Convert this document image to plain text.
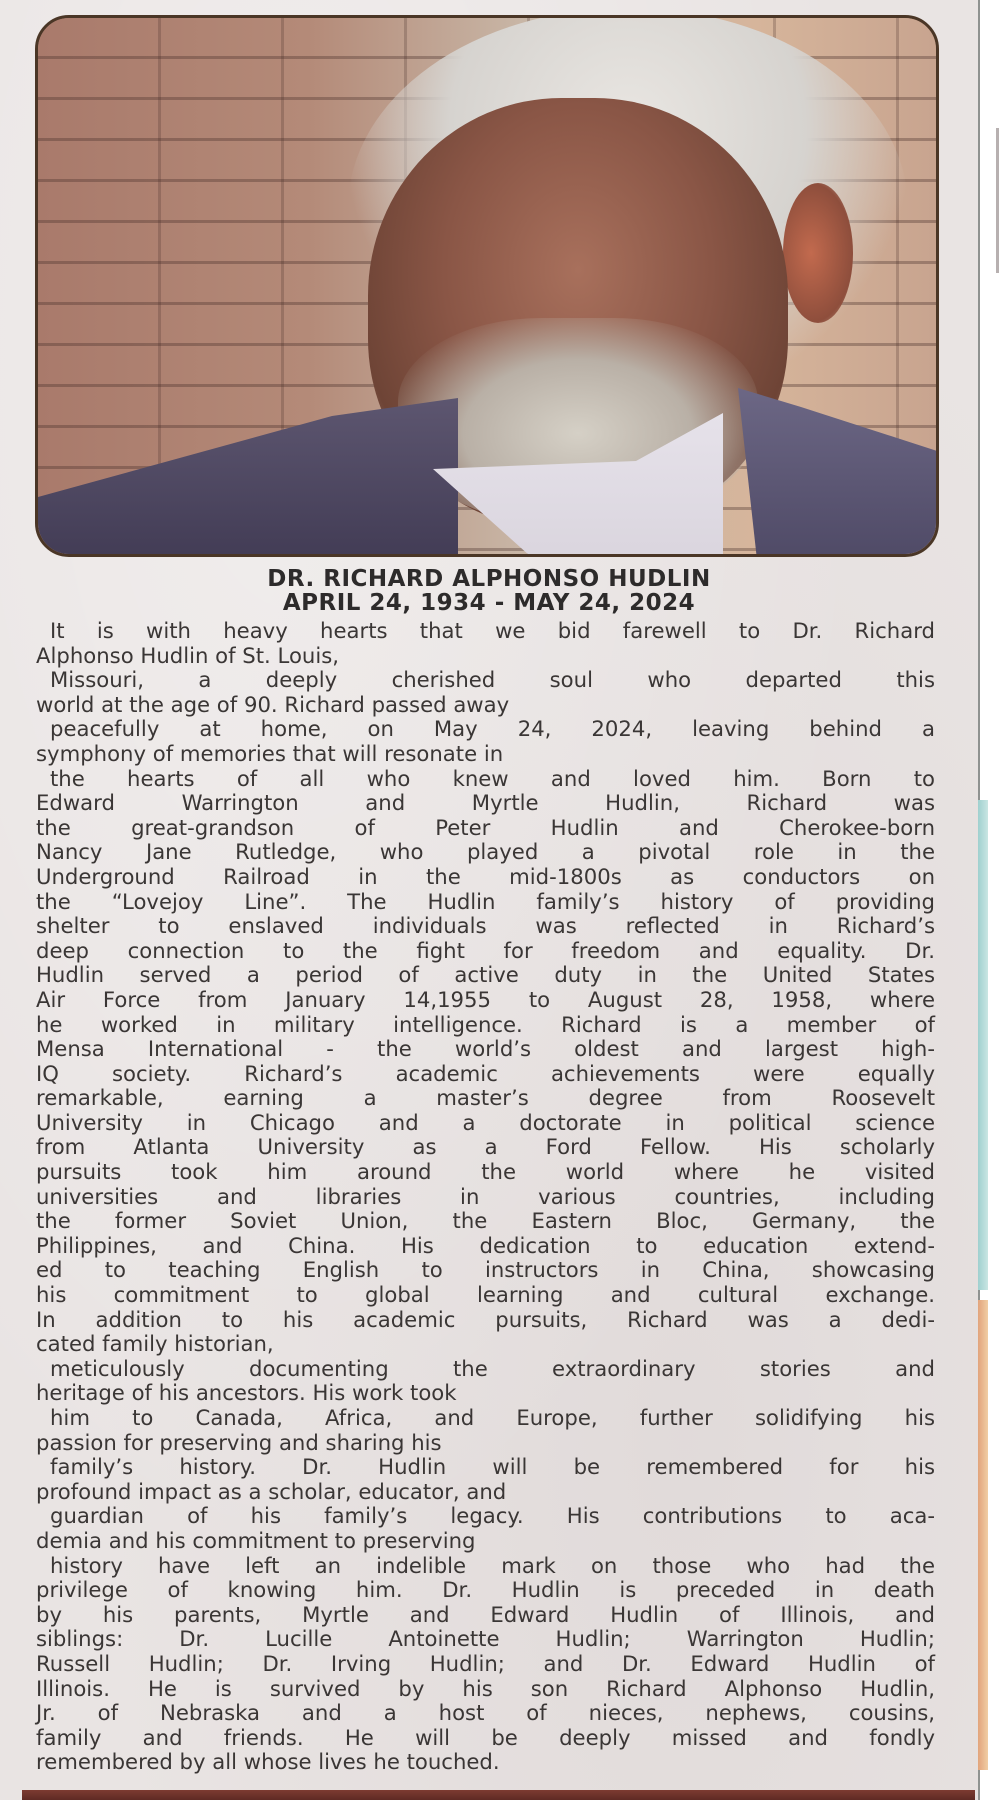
DR. RICHARD ALPHONSO HUDLIN
APRIL 24, 1934 - MAY 24, 2024
It is with heavy hearts that we bid farewell to Dr. Richard
Alphonso Hudlin of St. Louis,
Missouri, a deeply cherished soul who departed this
world at the age of 90. Richard passed away
peacefully at home, on May 24, 2024, leaving behind a
symphony of memories that will resonate in
the hearts of all who knew and loved him. Born to
Edward Warrington and Myrtle Hudlin, Richard was
the great-grandson of Peter Hudlin and Cherokee-born
Nancy Jane Rutledge, who played a pivotal role in the
Underground Railroad in the mid-1800s as conductors on
the “Lovejoy Line”. The Hudlin family’s history of providing
shelter to enslaved individuals was reflected in Richard’s
deep connection to the fight for freedom and equality. Dr.
Hudlin served a period of active duty in the United States
Air Force from January 14,1955 to August 28, 1958, where
he worked in military intelligence. Richard is a member of
Mensa International - the world’s oldest and largest high-
IQ society. Richard’s academic achievements were equally
remarkable, earning a master’s degree from Roosevelt
University in Chicago and a doctorate in political science
from Atlanta University as a Ford Fellow. His scholarly
pursuits took him around the world where he visited
universities and libraries in various countries, including
the former Soviet Union, the Eastern Bloc, Germany, the
Philippines, and China. His dedication to education extend-
ed to teaching English to instructors in China, showcasing
his commitment to global learning and cultural exchange.
In addition to his academic pursuits, Richard was a dedi-
cated family historian,
meticulously documenting the extraordinary stories and
heritage of his ancestors. His work took
him to Canada, Africa, and Europe, further solidifying his
passion for preserving and sharing his
family’s history. Dr. Hudlin will be remembered for his
profound impact as a scholar, educator, and
guardian of his family’s legacy. His contributions to aca-
demia and his commitment to preserving
history have left an indelible mark on those who had the
privilege of knowing him. Dr. Hudlin is preceded in death
by his parents, Myrtle and Edward Hudlin of Illinois, and
siblings: Dr. Lucille Antoinette Hudlin; Warrington Hudlin;
Russell Hudlin; Dr. Irving Hudlin; and Dr. Edward Hudlin of
Illinois. He is survived by his son Richard Alphonso Hudlin,
Jr. of Nebraska and a host of nieces, nephews, cousins,
family and friends. He will be deeply missed and fondly
remembered by all whose lives he touched.
